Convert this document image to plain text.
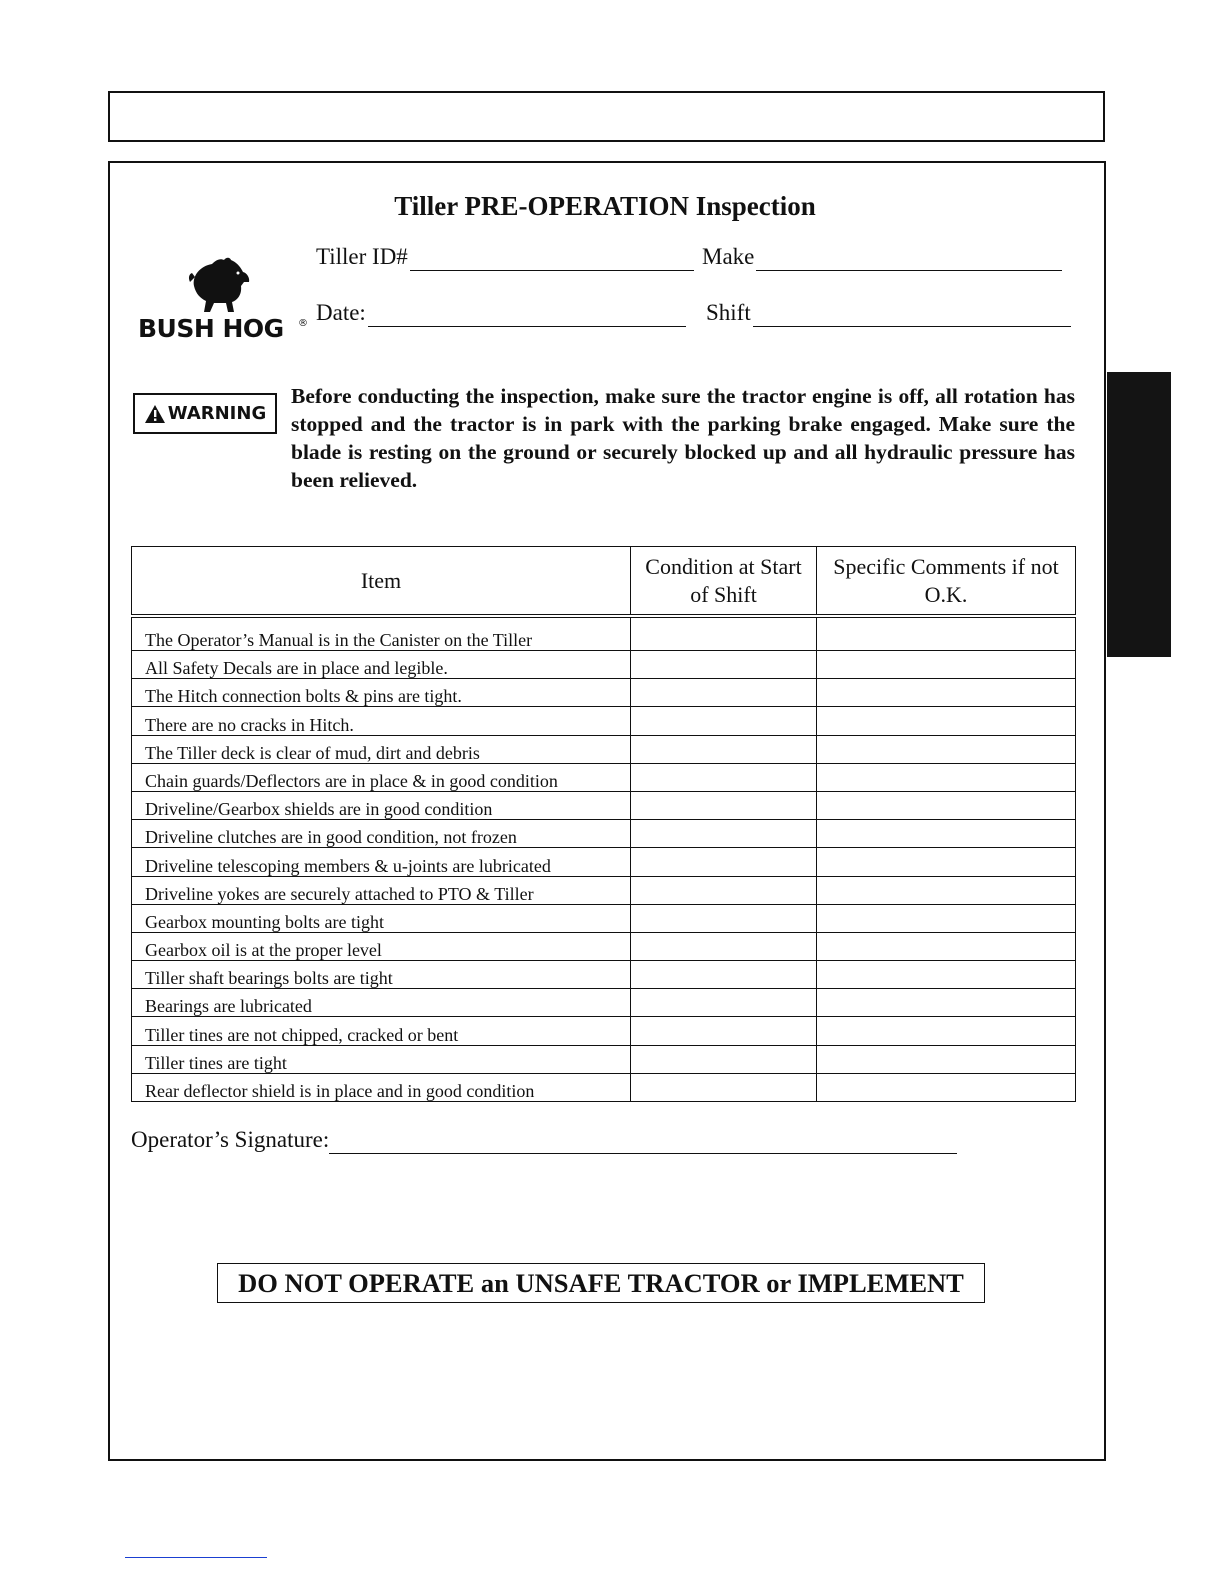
Tiller PRE-OPERATION Inspection
BUSH HOG ®
Tiller ID#	Make
Date:	Shift
WARNING
Before conducting the inspection, make sure the tractor engine is off, all rotation has stopped and the tractor is in park with the parking brake engaged. Make sure the blade is resting on the ground or securely blocked up and all hydraulic pressure has been relieved.
Item	Condition at Start of Shift	Specific Comments if not O.K.
The Operator’s Manual is in the Canister on the Tiller		
All Safety Decals are in place and legible.		
The Hitch connection bolts & pins are tight.		
There are no cracks in Hitch.		
The Tiller deck is clear of mud, dirt and debris		
Chain guards/Deflectors are in place & in good condition		
Driveline/Gearbox shields are in good condition		
Driveline clutches are in good condition, not frozen		
Driveline telescoping members & u-joints are lubricated		
Driveline yokes are securely attached to PTO & Tiller		
Gearbox mounting bolts are tight		
Gearbox oil is at the proper level		
Tiller shaft bearings bolts are tight		
Bearings are lubricated		
Tiller tines are not chipped, cracked or bent		
Tiller tines are tight		
Rear deflector shield is in place and in good condition		
Operator’s Signature:
DO NOT OPERATE an UNSAFE TRACTOR or IMPLEMENT
